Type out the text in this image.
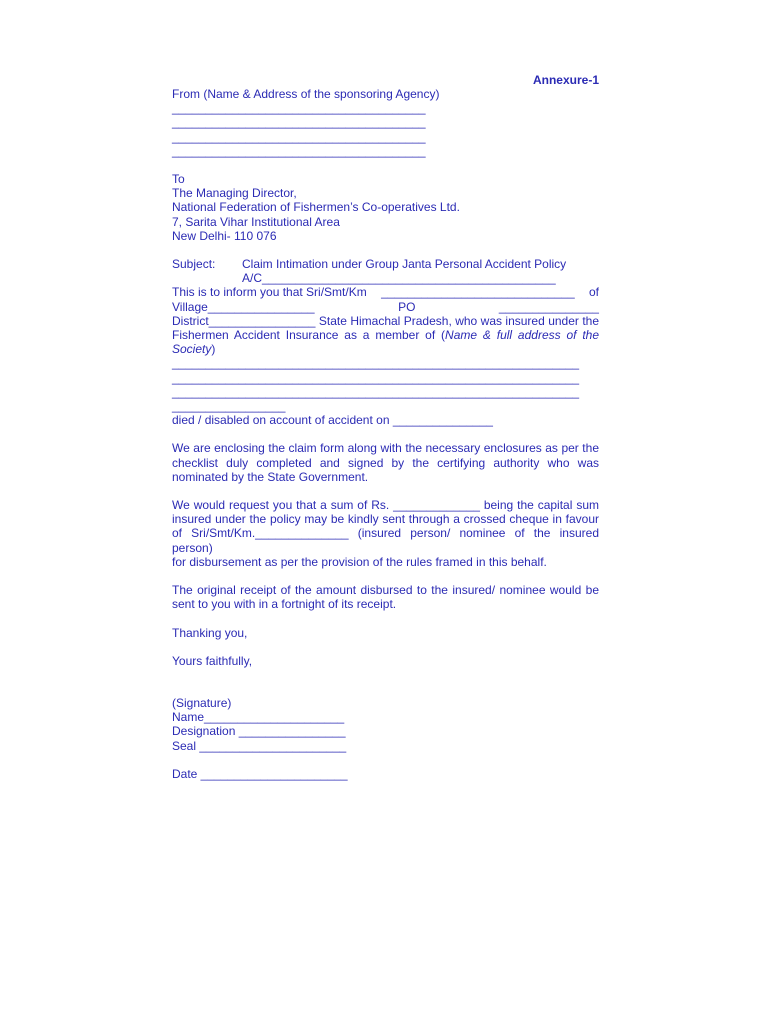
Annexure-1
From (Name & Address of the sponsoring Agency)
______________________________________
______________________________________
______________________________________
______________________________________
To
The Managing Director,
National Federation of Fishermen’s Co-operatives Ltd.
7, Sarita Vihar Institutional Area
New Delhi- 110 076
Subject:	Claim Intimation under Group Janta Personal Accident Policy
A/C____________________________________________
This is to inform you that Sri/Smt/Km _____________________________ of
Village________________	PO	_______________
District________________ State Himachal Pradesh, who was insured under the
Fishermen Accident Insurance as a member of (Name & full address of the
Society)
_____________________________________________________________
_____________________________________________________________
_____________________________________________________________
_________________
died / disabled on account of accident on _______________
We are enclosing the claim form along with the necessary enclosures as per the checklist duly completed and signed by the certifying authority who was nominated by the State Government.
We would request you that a sum of Rs. _____________ being the capital sum insured under the policy may be kindly sent through a crossed cheque in favour of Sri/Smt/Km.______________ (insured person/ nominee of the insured person)
for disbursement as per the provision of the rules framed in this behalf.
The original receipt of the amount disbursed to the insured/ nominee would be sent to you with in a fortnight of its receipt.
Thanking you,
Yours faithfully,
(Signature)
Name_____________________
Designation ________________
Seal ______________________
Date ______________________
